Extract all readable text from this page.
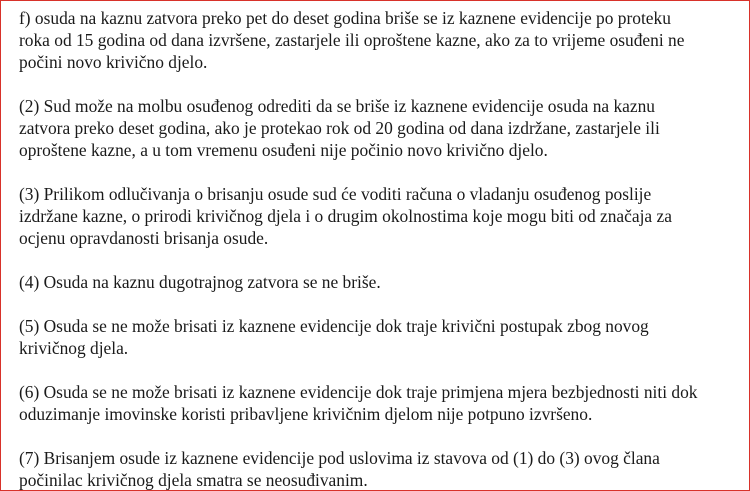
f) osuda na kaznu zatvora preko pet do deset godina briše se iz kaznene evidencije po proteku
roka od 15 godina od dana izvršene, zastarjele ili oproštene kazne, ako za to vrijeme osuđeni ne
počini novo krivično djelo.

(2) Sud može na molbu osuđenog odrediti da se briše iz kaznene evidencije osuda na kaznu
zatvora preko deset godina, ako je protekao rok od 20 godina od dana izdržane, zastarjele ili
oproštene kazne, a u tom vremenu osuđeni nije počinio novo krivično djelo.

(3) Prilikom odlučivanja o brisanju osude sud će voditi računa o vladanju osuđenog poslije
izdržane kazne, o prirodi krivičnog djela i o drugim okolnostima koje mogu biti od značaja za
ocjenu opravdanosti brisanja osude.

(4) Osuda na kaznu dugotrajnog zatvora se ne briše.

(5) Osuda se ne može brisati iz kaznene evidencije dok traje krivični postupak zbog novog
krivičnog djela.

(6) Osuda se ne može brisati iz kaznene evidencije dok traje primjena mjera bezbjednosti niti dok
oduzimanje imovinske koristi pribavljene krivičnim djelom nije potpuno izvršeno.

(7) Brisanjem osude iz kaznene evidencije pod uslovima iz stavova od (1) do (3) ovog člana
počinilac krivičnog djela smatra se neosuđivanim.
